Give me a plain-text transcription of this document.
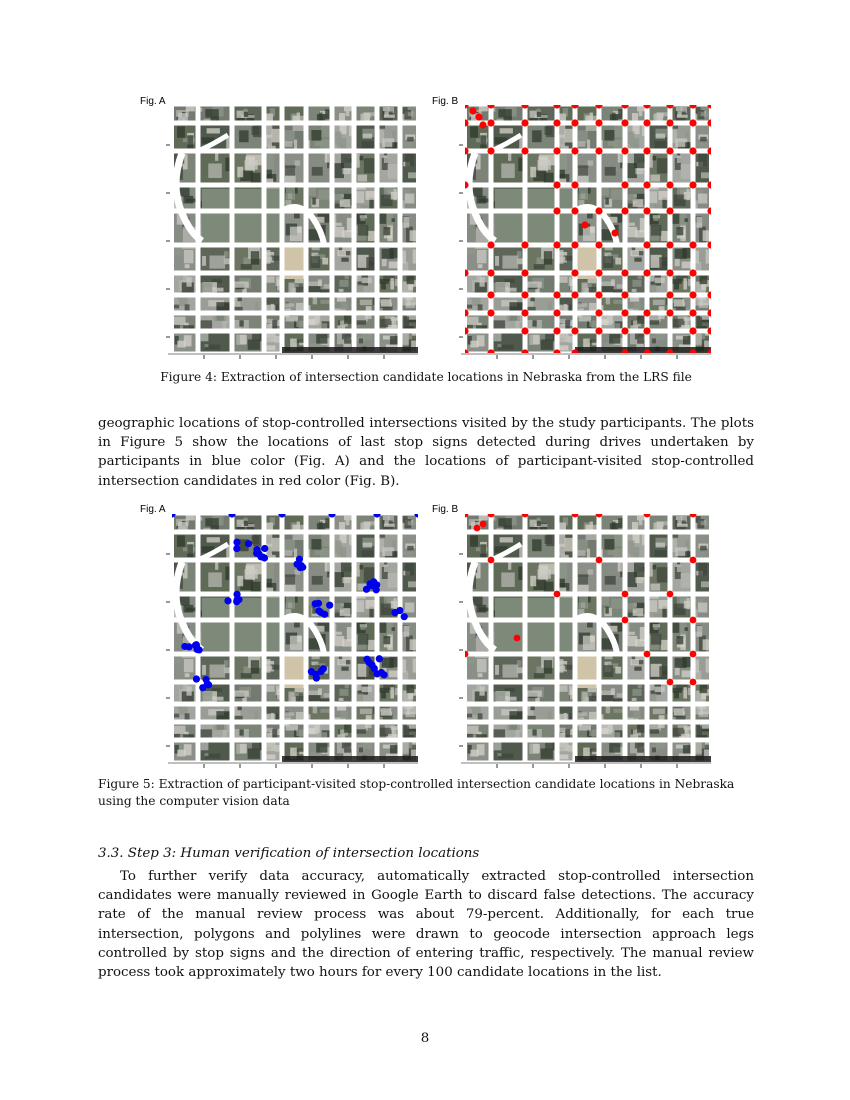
Fig. A	Fig. B
Figure 4: Extraction of intersection candidate locations in Nebraska from the LRS file

geographic locations of stop-controlled intersections visited by the study participants. The plots in Figure 5 show the locations of last stop signs detected during drives undertaken by participants in blue color (Fig. A) and the locations of participant-visited stop-controlled intersection candidates in red color (Fig. B).

Fig. A	Fig. B
Figure 5: Extraction of participant-visited stop-controlled intersection candidate locations in Nebraska using the computer vision data
3.3. Step 3: Human verification of intersection locations

To further verify data accuracy, automatically extracted stop-controlled intersection candidates were manually reviewed in Google Earth to discard false detections. The accuracy rate of the manual review process was about 79-percent. Additionally, for each true intersection, polygons and polylines were drawn to geocode intersection approach legs controlled by stop signs and the direction of entering traffic, respectively. The manual review process took approximately two hours for every 100 candidate locations in the list.

8
